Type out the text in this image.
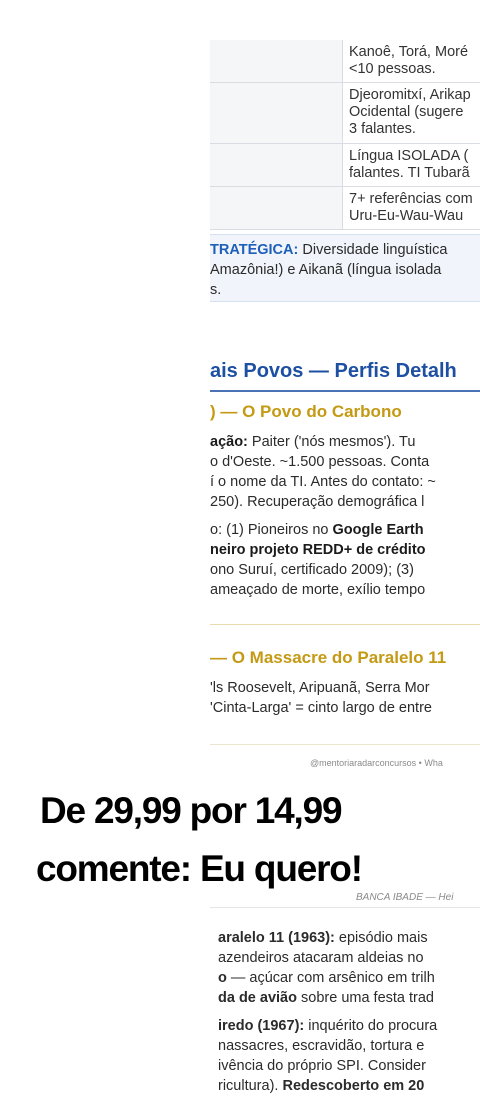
Kanoê, Torá, Moré
<10 pessoas.
Djeoromitxí, Arikap
Ocidental (sugere
3 falantes.
Língua ISOLADA (
falantes. TI Tubarã
7+ referências com
Uru-Eu-Wau-Wau
TRATÉGICA: Diversidade linguística
Amazônia!) e Aikanã (língua isolada
s.
ais Povos — Perfis Detalh
) — O Povo do Carbono
ação: Paiter ('nós mesmos'). Tu
o d'Oeste. ~1.500 pessoas. Conta
í o nome da TI. Antes do contato: ~
250). Recuperação demográfica l
o: (1) Pioneiros no Google Earth
neiro projeto REDD+ de crédito
ono Suruí, certificado 2009); (3)
ameaçado de morte, exílio tempo
— O Massacre do Paralelo 11
'ls Roosevelt, Aripuanã, Serra Mor
'Cinta-Larga' = cinto largo de entre
@mentoriaradarconcursos • Wha
De 29,99 por 14,99
comente: Eu quero!
BANCA IBADE — Hei
aralelo 11 (1963): episódio mais
azendeiros atacaram aldeias no
o — açúcar com arsênico em trilh
da de avião sobre uma festa trad
iredo (1967): inquérito do procura
nassacres, escravidão, tortura e
ivência do próprio SPI. Consider
ricultura). Redescoberto em 20
